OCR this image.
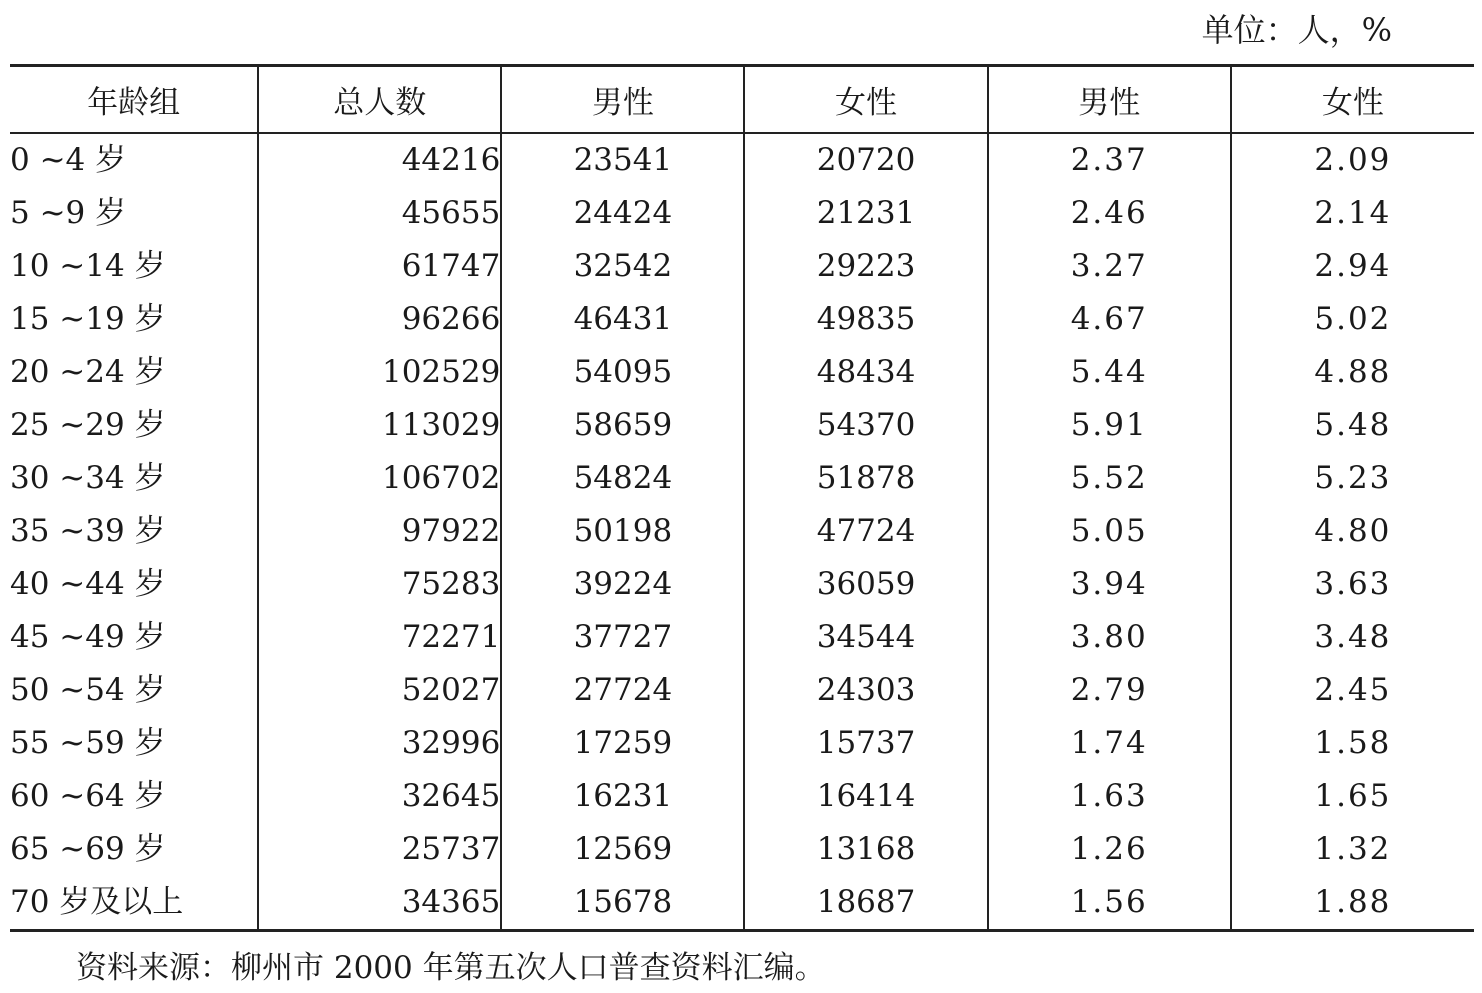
单位：人，%
年龄组	总人数	男性	女性	男性	女性
0 ~4 岁	44216	23541	20720	2.37	2.09
5 ~9 岁	45655	24424	21231	2.46	2.14
10 ~14 岁	61747	32542	29223	3.27	2.94
15 ~19 岁	96266	46431	49835	4.67	5.02
20 ~24 岁	102529	54095	48434	5.44	4.88
25 ~29 岁	113029	58659	54370	5.91	5.48
30 ~34 岁	106702	54824	51878	5.52	5.23
35 ~39 岁	97922	50198	47724	5.05	4.80
40 ~44 岁	75283	39224	36059	3.94	3.63
45 ~49 岁	72271	37727	34544	3.80	3.48
50 ~54 岁	52027	27724	24303	2.79	2.45
55 ~59 岁	32996	17259	15737	1.74	1.58
60 ~64 岁	32645	16231	16414	1.63	1.65
65 ~69 岁	25737	12569	13168	1.26	1.32
70 岁及以上	34365	15678	18687	1.56	1.88
资料来源：柳州市 2000 年第五次人口普查资料汇编。
